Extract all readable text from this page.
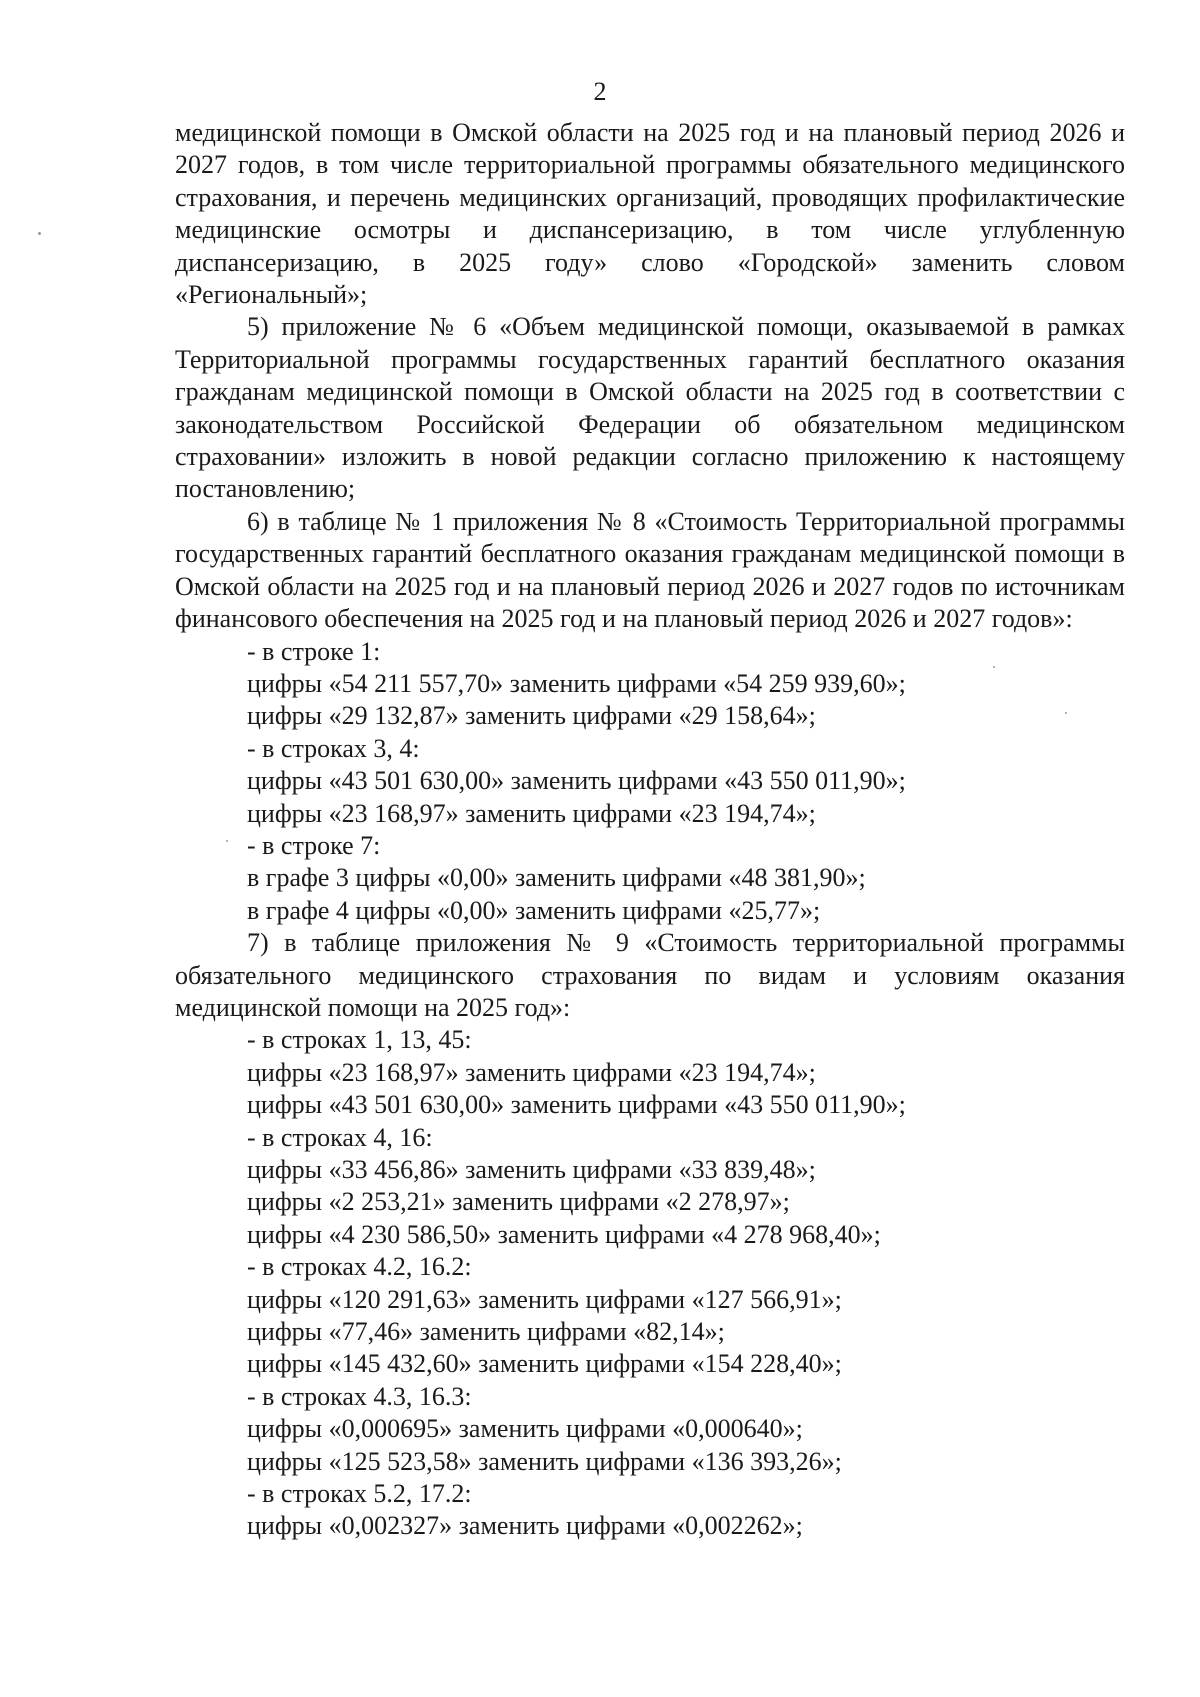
2

медицинской помощи в Омской области на 2025 год и на плановый период 2026 и 2027 годов, в том числе территориальной программы обязательного медицинского страхования, и перечень медицинских организаций, проводящих профилактические медицинские осмотры и диспансеризацию, в том числе углубленную диспансеризацию, в 2025 году» слово «Городской» заменить словом «Региональный»;

5) приложение № 6 «Объем медицинской помощи, оказываемой в рамках Территориальной программы государственных гарантий бесплатного оказания гражданам медицинской помощи в Омской области на 2025 год в соответствии с законодательством Российской Федерации об обязательном медицинском страховании» изложить в новой редакции согласно приложению к настоящему постановлению;

6) в таблице № 1 приложения № 8 «Стоимость Территориальной программы государственных гарантий бесплатного оказания гражданам медицинской помощи в Омской области на 2025 год и на плановый период 2026 и 2027 годов по источникам финансового обеспечения на 2025 год и на плановый период 2026 и 2027 годов»:

- в строке 1:
цифры «54 211 557,70» заменить цифрами «54 259 939,60»;
цифры «29 132,87» заменить цифрами «29 158,64»;
- в строках 3, 4:
цифры «43 501 630,00» заменить цифрами «43 550 011,90»;
цифры «23 168,97» заменить цифрами «23 194,74»;
- в строке 7:
в графе 3 цифры «0,00» заменить цифрами «48 381,90»;
в графе 4 цифры «0,00» заменить цифрами «25,77»;

7) в таблице приложения № 9 «Стоимость территориальной программы обязательного медицинского страхования по видам и условиям оказания медицинской помощи на 2025 год»:

- в строках 1, 13, 45:
цифры «23 168,97» заменить цифрами «23 194,74»;
цифры «43 501 630,00» заменить цифрами «43 550 011,90»;
- в строках 4, 16:
цифры «33 456,86» заменить цифрами «33 839,48»;
цифры «2 253,21» заменить цифрами «2 278,97»;
цифры «4 230 586,50» заменить цифрами «4 278 968,40»;
- в строках 4.2, 16.2:
цифры «120 291,63» заменить цифрами «127 566,91»;
цифры «77,46» заменить цифрами «82,14»;
цифры «145 432,60» заменить цифрами «154 228,40»;
- в строках 4.3, 16.3:
цифры «0,000695» заменить цифрами «0,000640»;
цифры «125 523,58» заменить цифрами «136 393,26»;
- в строках 5.2, 17.2:
цифры «0,002327» заменить цифрами «0,002262»;
